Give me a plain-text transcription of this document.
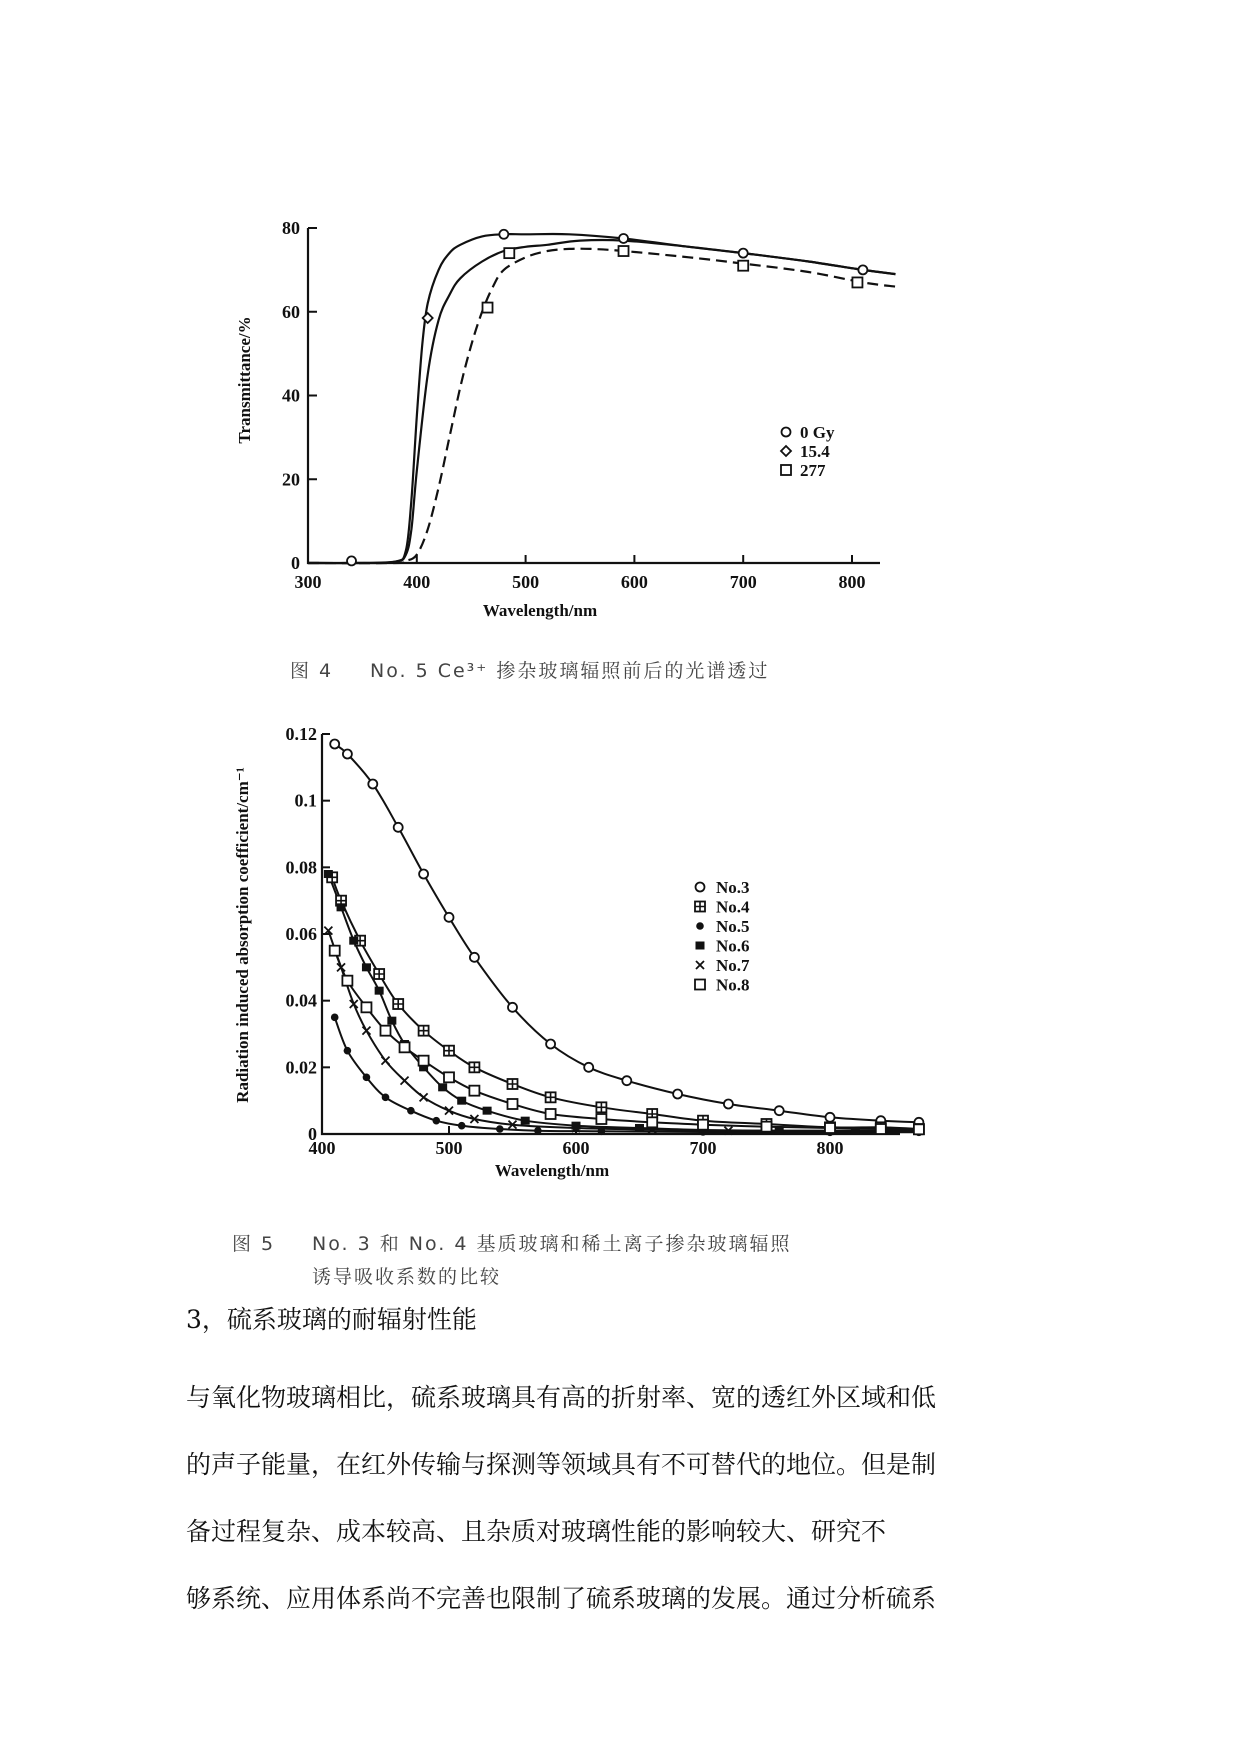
300	400	500	600	700	800
0
20
40
60
80
0 Gy
15.4
277
Wavelength/nm
Transmittance/%
图 4 No. 5 Ce³⁺ 掺杂玻璃辐照前后的光谱透过
400	500	600	700	800
0
0.02
0.04
0.06
0.08
0.1
0.12
No.3
No.4
No.5
No.6
No.7
No.8
Wavelength/nm
Radiation induced absorption coefficient/cm⁻¹
图 5 No. 3 和 No. 4 基质玻璃和稀土离子掺杂玻璃辐照
诱导吸收系数的比较
3，硫系玻璃的耐辐射性能

与氧化物玻璃相比，硫系玻璃具有高的折射率、宽的透红外区域和低
的声子能量，在红外传输与探测等领域具有不可替代的地位。但是制
备过程复杂、成本较高、且杂质对玻璃性能的影响较大、研究不
够系统、应用体系尚不完善也限制了硫系玻璃的发展。通过分析硫系
